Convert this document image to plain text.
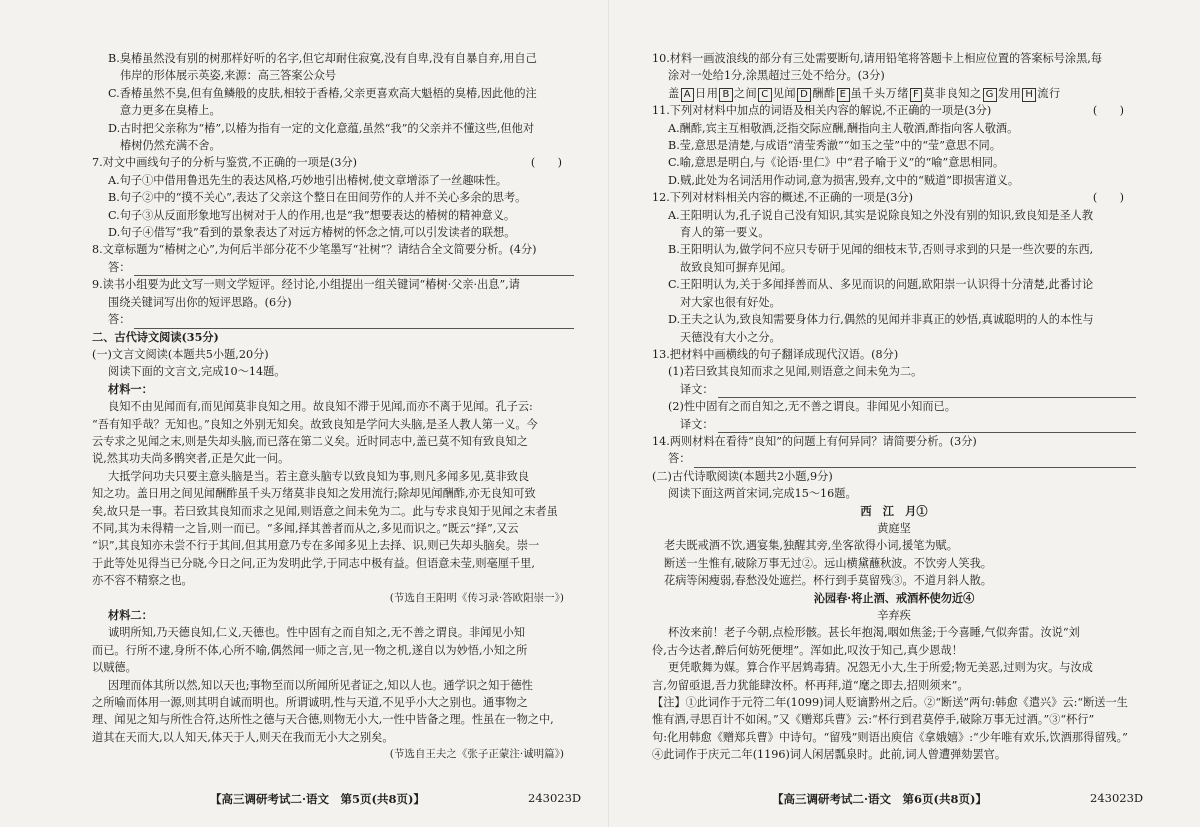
B.臭椿虽然没有别的树那样好听的名字,但它却耐住寂寞,没有自卑,没有自暴自弃,用自己
伟岸的形体展示英姿,来源：高三答案公众号
C.香椿虽然不臭,但有鱼鳞般的皮肤,相较于香椿,父亲更喜欢高大魁梧的臭椿,因此他的注
意力更多在臭椿上。
D.古时把父亲称为“椿”,以椿为指有一定的文化意蕴,虽然“我”的父亲并不懂这些,但他对
椿树仍然充满不舍。
7.对文中画线句子的分析与鉴赏,不正确的一项是(3分)	(　　)
A.句子①中借用鲁迅先生的表达风格,巧妙地引出椿树,使文章增添了一丝趣味性。
B.句子②中的“摸不关心”,表达了父亲这个整日在田间劳作的人并不关心多余的思考。
C.句子③从反面形象地写出树对于人的作用,也是“我”想要表达的椿树的精神意义。
D.句子④借写“我”看到的景象表达了对远方椿树的怀念之情,可以引发读者的联想。
8.文章标题为“椿树之心”,为何后半部分花不少笔墨写“社树”？请结合全文简要分析。(4分)
答：
9.读书小组要为此文写一则文学短评。经讨论,小组提出一组关键词“椿树·父亲·出息”,请
围绕关键词写出你的短评思路。(6分)
答：
二、古代诗文阅读(35分)
(一)文言文阅读(本题共5小题,20分)
阅读下面的文言文,完成10～14题。
材料一：
良知不由见闻而有,而见闻莫非良知之用。故良知不滞于见闻,而亦不离于见闻。孔子云:
“吾有知乎哉？无知也。”良知之外别无知矣。故致良知是学问大头脑,是圣人教人第一义。今
云专求之见闻之末,则是失却头脑,而已落在第二义矣。近时同志中,盖已莫不知有致良知之
说,然其功夫尚多鹘突者,正是欠此一问。
大抵学问功夫只要主意头脑是当。若主意头脑专以致良知为事,则凡多闻多见,莫非致良
知之功。盖日用之间见闻酬酢虽千头万绪莫非良知之发用流行;除却见闻酬酢,亦无良知可致
矣,故只是一事。若曰致其良知而求之见闻,则语意之间未免为二。此与专求良知于见闻之末者虽
不同,其为未得精一之旨,则一而已。“多闻,择其善者而从之,多见而识之。”既云“择”,又云
“识”,其良知亦未尝不行于其间,但其用意乃专在多闻多见上去择、识,则已失却头脑矣。崇一
于此等处见得当已分晓,今日之问,正为发明此学,于同志中极有益。但语意未莹,则毫厘千里,
亦不容不精察之也。
(节选自王阳明《传习录·答欧阳崇一》)
材料二：
诚明所知,乃天德良知,仁义,天德也。性中固有之而自知之,无不善之谓良。非闻见小知
而已。行所不逮,身所不体,心所不喻,偶然闻一师之言,见一物之机,遂自以为妙悟,小知之所
以贼德。
因理而体其所以然,知以天也;事物至而以所闻所见者证之,知以人也。通学识之知于德性
之所喻而体用一源,则其明自诚而明也。所谓诚明,性与天道,不见乎小大之别也。通事物之
理、闻见之知与所性合符,达所性之德与天合德,则物无小大,一性中皆备之理。性虽在一物之中,
道其在天而大,以人知天,体天于人,则天在我而无小大之别矣。
(节选自王夫之《张子正蒙注·诚明篇》)
10.材料一画波浪线的部分有三处需要断句,请用铅笔将答题卡上相应位置的答案标号涂黑,每
涂对一处给1分,涂黑超过三处不给分。(3分)
盖 A 日用 B 之间 C 见闻 D 酬酢 E 虽千头万绪 F 莫非良知之 G 发用 H 流行
11.下列对材料中加点的词语及相关内容的解说,不正确的一项是(3分)	(　　)
A.酬酢,宾主互相敬酒,泛指交际应酬,酬指向主人敬酒,酢指向客人敬酒。
B.莹,意思是清楚,与成语“清莹秀澈”“如玉之莹”中的“莹”意思不同。
C.喻,意思是明白,与《论语·里仁》中“君子喻于义”的“喻”意思相同。
D.贼,此处为名词活用作动词,意为损害,毁弃,文中的“贼道”即损害道义。
12.下列对材料相关内容的概述,不正确的一项是(3分)	(　　)
A.王阳明认为,孔子说自己没有知识,其实是说除良知之外没有别的知识,致良知是圣人教
育人的第一要义。
B.王阳明认为,做学问不应只专研于见闻的细枝末节,否则寻求到的只是一些次要的东西,
故致良知可摒弃见闻。
C.王阳明认为,关于多闻择善而从、多见而识的问题,欧阳崇一认识得十分清楚,此番讨论
对大家也很有好处。
D.王夫之认为,致良知需要身体力行,偶然的见闻并非真正的妙悟,真诚聪明的人的本性与
天德没有大小之分。
13.把材料中画横线的句子翻译成现代汉语。(8分)
(1)若曰致其良知而求之见闻,则语意之间未免为二。
译文：
(2)性中固有之而自知之,无不善之谓良。非闻见小知而已。
译文：
14.两则材料在看待“良知”的问题上有何异同？请简要分析。(3分)
答：
(二)古代诗歌阅读(本题共2小题,9分)
阅读下面这两首宋词,完成15～16题。
西　江　月①
黄庭坚
老夫既戒酒不饮,遇宴集,独醒其旁,坐客欲得小词,援笔为赋。
断送一生惟有,破除万事无过②。远山横黛蘸秋波。不饮旁人笑我。
花病等闲瘦弱,春愁没处遮拦。杯行到手莫留残③。不道月斜人散。
沁园春·将止酒、戒酒杯使勿近④
辛弃疾
杯汝来前！老子今朝,点检形骸。甚长年抱渴,咽如焦釜;于今喜睡,气似奔雷。汝说“刘
伶,古今达者,醉后何妨死便埋”。浑如此,叹汝于知己,真少恩哉！
更凭歌舞为媒。算合作平居鸩毒猜。况怨无小大,生于所爱;物无美恶,过则为灾。与汝成
言,勿留亟退,吾力犹能肆汝杯。杯再拜,道“麾之即去,招则须来”。
【注】①此词作于元符二年(1099)词人贬谪黔州之后。②“断送”两句:韩愈《遣兴》云:“断送一生
惟有酒,寻思百计不如闲。”又《赠郑兵曹》云:“杯行到君莫停手,破除万事无过酒。”③“杯行”
句:化用韩愈《赠郑兵曹》中诗句。“留残”则语出庾信《拿娥嬉》:“少年唯有欢乐,饮酒那得留残。”
④此词作于庆元二年(1196)词人闲居瓢泉时。此前,词人曾遭弹劾罢官。
【高三调研考试二·语文　第5页(共8页)】	243023D	【高三调研考试二·语文　第6页(共8页)】	243023D
